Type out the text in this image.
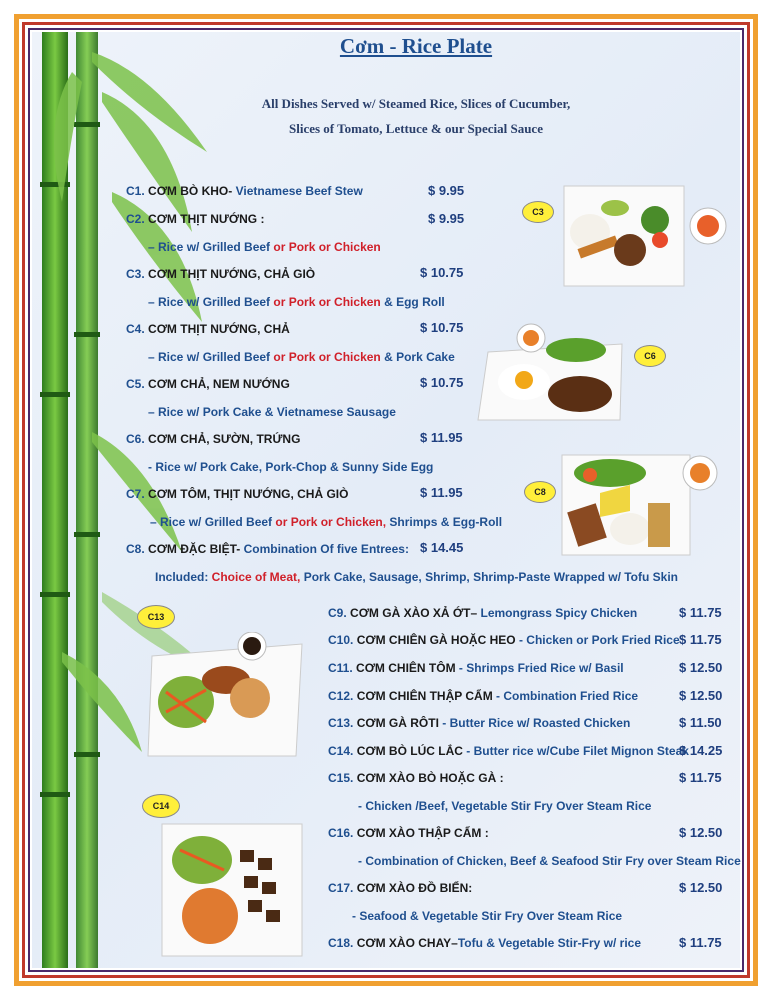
Cơm - Rice Plate
All Dishes Served w/ Steamed Rice, Slices of Cucumber,
Slices of Tomato, Lettuce & our Special Sauce
C1. CƠM BÒ KHO- Vietnamese Beef Stew	$ 9.95
C2. CƠM THỊT NƯỚNG :	$ 9.95
– Rice w/ Grilled Beef or Pork or Chicken
C3. CƠM THỊT NƯỚNG, CHẢ GIÒ	$ 10.75
– Rice w/ Grilled Beef or Pork or Chicken & Egg Roll
C4. CƠM THỊT NƯỚNG, CHẢ	$ 10.75
– Rice w/ Grilled Beef or Pork or Chicken & Pork Cake
C5. CƠM CHẢ, NEM NƯỚNG	$ 10.75
– Rice w/ Pork Cake & Vietnamese Sausage
C6. CƠM CHẢ, SƯỜN, TRỨNG	$ 11.95
- Rice w/ Pork Cake, Pork-Chop & Sunny Side Egg
C7. CƠM TÔM, THỊT NƯỚNG, CHẢ GIÒ	$ 11.95
– Rice w/ Grilled Beef or Pork or Chicken, Shrimps & Egg-Roll
C8. CƠM ĐẶC BIỆT- Combination Of five Entrees: $ 14.45
Included: Choice of Meat, Pork Cake, Sausage, Shrimp, Shrimp-Paste Wrapped w/ Tofu Skin
C9. CƠM GÀ XÀO XẢ ỚT– Lemongrass Spicy Chicken	$ 11.75
C10. CƠM CHIÊN GÀ HOẶC HEO - Chicken or Pork Fried Rice $ 11.75
C11. CƠM CHIÊN TÔM - Shrimps Fried Rice w/ Basil	$ 12.50
C12. CƠM CHIÊN THẬP CẨM - Combination Fried Rice	$ 12.50
C13. CƠM GÀ RÔTI - Butter Rice w/ Roasted Chicken	$ 11.50
C14. CƠM BÒ LÚC LẮC - Butter rice w/Cube Filet Mignon Steak
$ 14.25
C15. CƠM XÀO BÒ HOẶC GÀ :	$ 11.75
- Chicken /Beef, Vegetable Stir Fry Over Steam Rice
C16. CƠM XÀO THẬP CẨM :	$ 12.50
- Combination of Chicken, Beef & Seafood Stir Fry over Steam Rice
C17. CƠM XÀO ĐỒ BIỂN:	$ 12.50
- Seafood & Vegetable Stir Fry Over Steam Rice
C18. CƠM XÀO CHAY–Tofu & Vegetable Stir-Fry w/ rice	$ 11.75
C3
C6
C8
C13
C14
